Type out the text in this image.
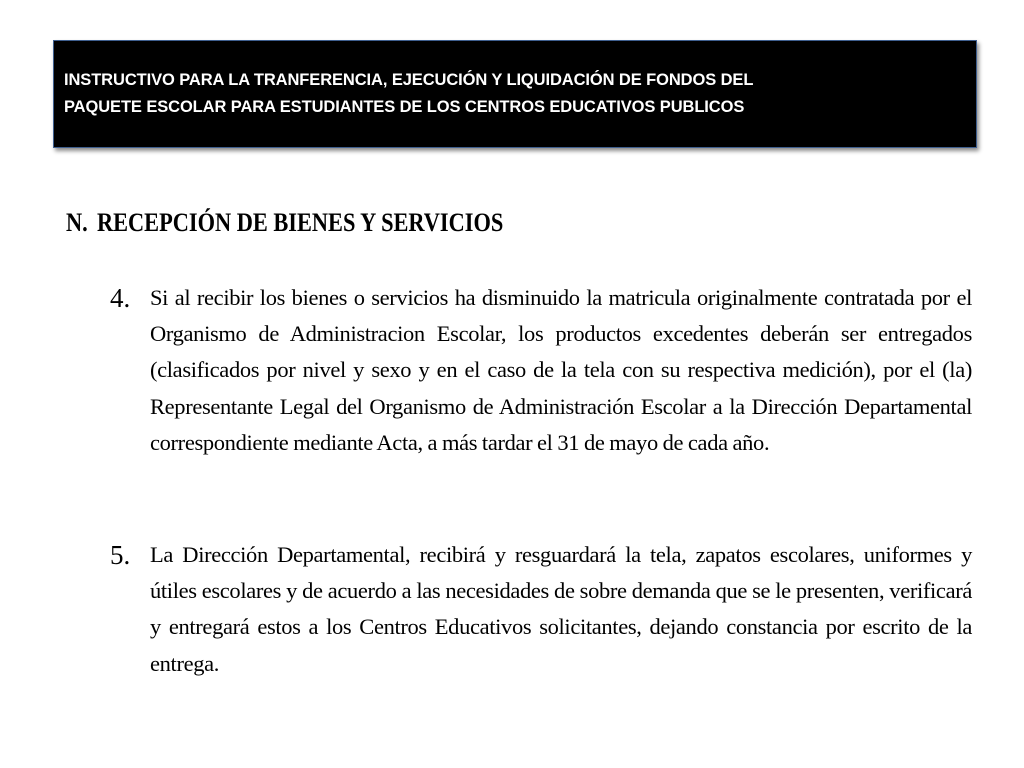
INSTRUCTIVO PARA LA TRANFERENCIA, EJECUCIÓN Y LIQUIDACIÓN DE FONDOS DEL
PAQUETE ESCOLAR PARA ESTUDIANTES DE LOS CENTROS EDUCATIVOS PUBLICOS
N. RECEPCIÓN DE BIENES Y SERVICIOS
4. Si al recibir los bienes o servicios ha disminuido la matricula originalmente contratada por el Organismo de Administracion Escolar, los productos excedentes deberán ser entregados (clasificados por nivel y sexo y en el caso de la tela con su respectiva medición), por el (la) Representante Legal del Organismo de Administración Escolar a la Dirección Departamental correspondiente mediante Acta, a más tardar el 31 de mayo de cada año.
5. La Dirección Departamental, recibirá y resguardará la tela, zapatos escolares, uniformes y útiles escolares y de acuerdo a las necesidades de sobre demanda que se le presenten, verificará y entregará estos a los Centros Educativos solicitantes, dejando constancia por escrito de la entrega.
